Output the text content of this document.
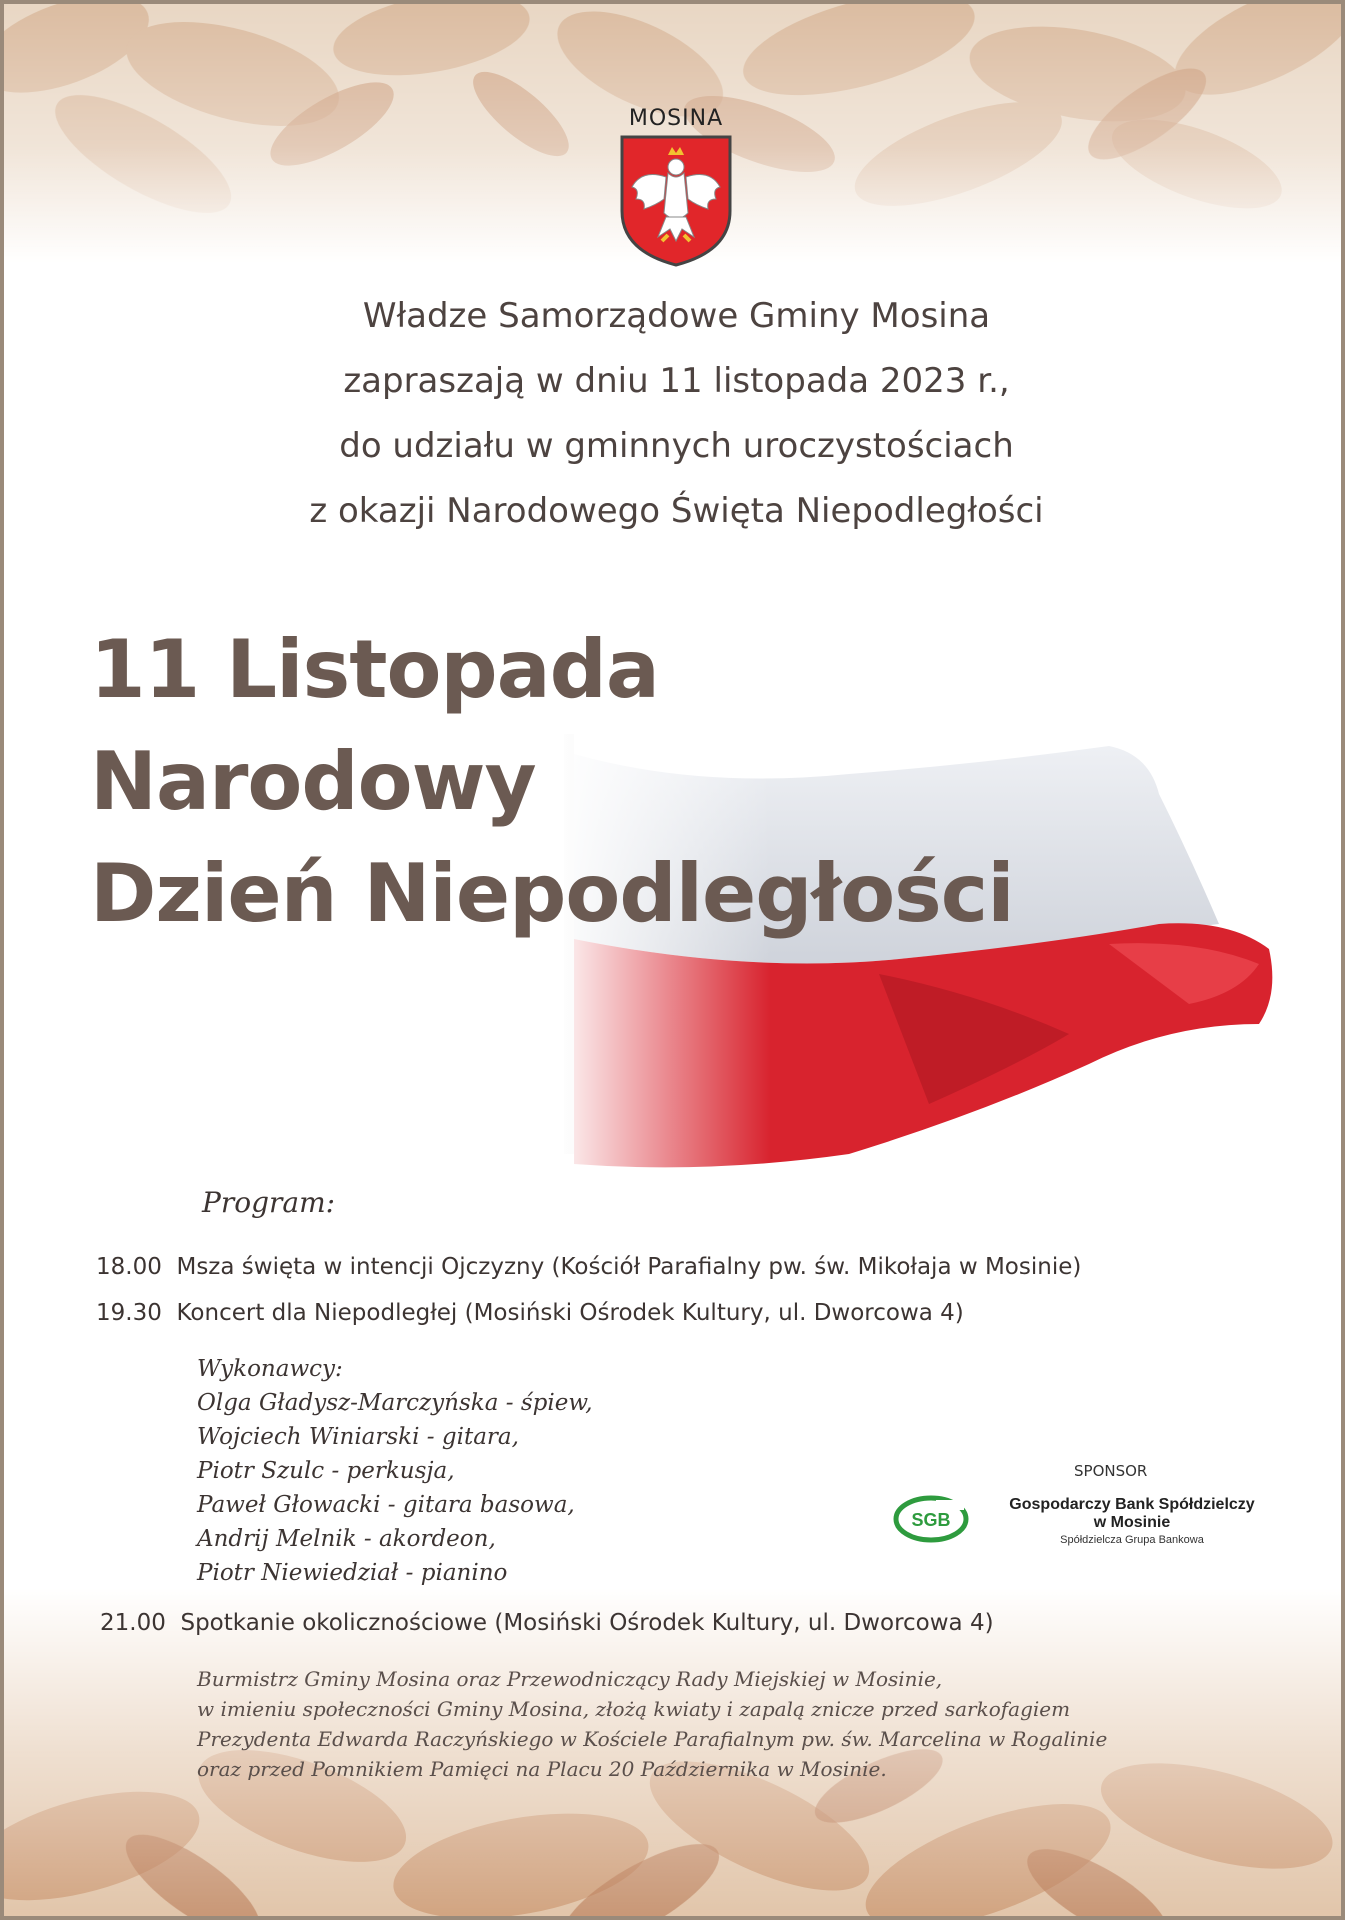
MOSINA
Władze Samorządowe Gminy Mosina
zapraszają w dniu 11 listopada 2023 r.,
do udziału w gminnych uroczystościach
z okazji Narodowego Święta Niepodległości
11 Listopada
Narodowy
Dzień Niepodległości
Program:
18.00 Msza święta w intencji Ojczyzny (Kościół Parafialny pw. św. Mikołaja w Mosinie)
19.30 Koncert dla Niepodległej (Mosiński Ośrodek Kultury, ul. Dworcowa 4)
Wykonawcy:
Olga Gładysz-Marczyńska - śpiew,
Wojciech Winiarski - gitara,
Piotr Szulc - perkusja,
Paweł Głowacki - gitara basowa,
Andrij Melnik - akordeon,
Piotr Niewiedział - pianino
21.00 Spotkanie okolicznościowe (Mosiński Ośrodek Kultury, ul. Dworcowa 4)
SPONSOR
SGB
Gospodarczy Bank Spółdzielczy
w Mosinie
Spółdzielcza Grupa Bankowa
Burmistrz Gminy Mosina oraz Przewodniczący Rady Miejskiej w Mosinie,
w imieniu społeczności Gminy Mosina, złożą kwiaty i zapalą znicze przed sarkofagiem
Prezydenta Edwarda Raczyńskiego w Kościele Parafialnym pw. św. Marcelina w Rogalinie
oraz przed Pomnikiem Pamięci na Placu 20 Października w Mosinie.
